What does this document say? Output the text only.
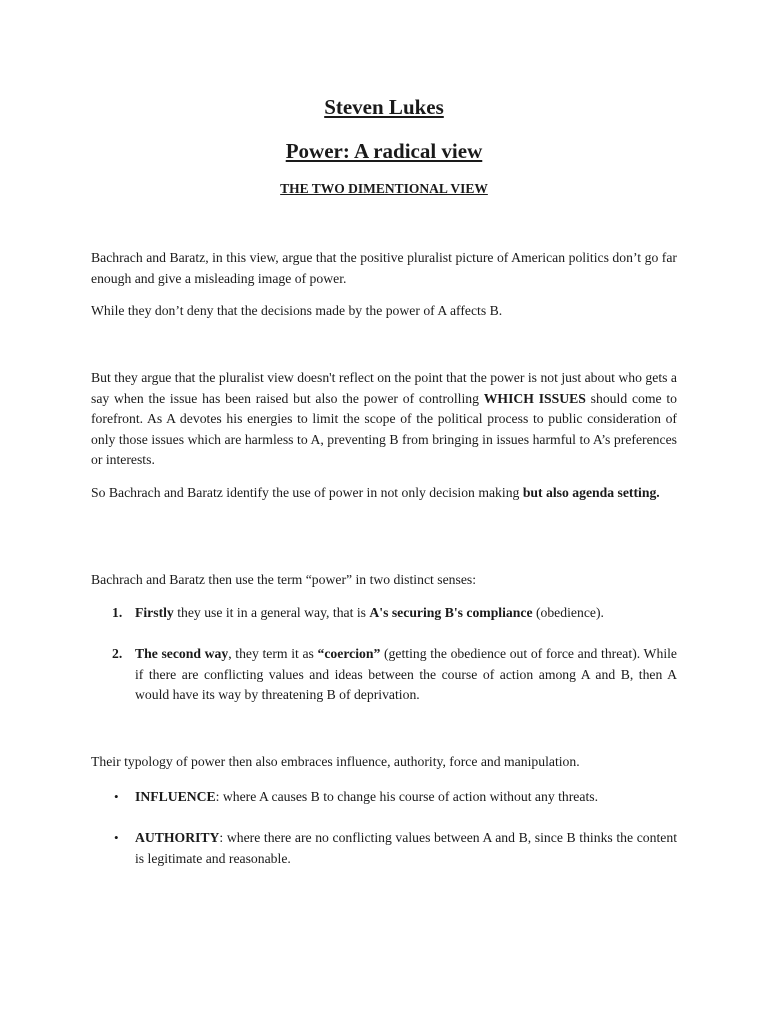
Steven Lukes
Power: A radical view
THE TWO DIMENTIONAL VIEW

Bachrach and Baratz, in this view, argue that the positive pluralist picture of American politics don’t go far enough and give a misleading image of power.

While they don’t deny that the decisions made by the power of A affects B.

But they argue that the pluralist view doesn't reflect on the point that the power is not just about who gets a say when the issue has been raised but also the power of controlling WHICH ISSUES should come to forefront. As A devotes his energies to limit the scope of the political process to public consideration of only those issues which are harmless to A, preventing B from bringing in issues harmful to A’s preferences or interests.

So Bachrach and Baratz identify the use of power in not only decision making but also agenda setting.

Bachrach and Baratz then use the term “power” in two distinct senses:

1. Firstly they use it in a general way, that is A's securing B's compliance (obedience).

2. The second way, they term it as “coercion” (getting the obedience out of force and threat). While if there are conflicting values and ideas between the course of action among A and B, then A would have its way by threatening B of deprivation.

Their typology of power then also embraces influence, authority, force and manipulation.

• INFLUENCE: where A causes B to change his course of action without any threats.

• AUTHORITY: where there are no conflicting values between A and B, since B thinks the content is legitimate and reasonable.
